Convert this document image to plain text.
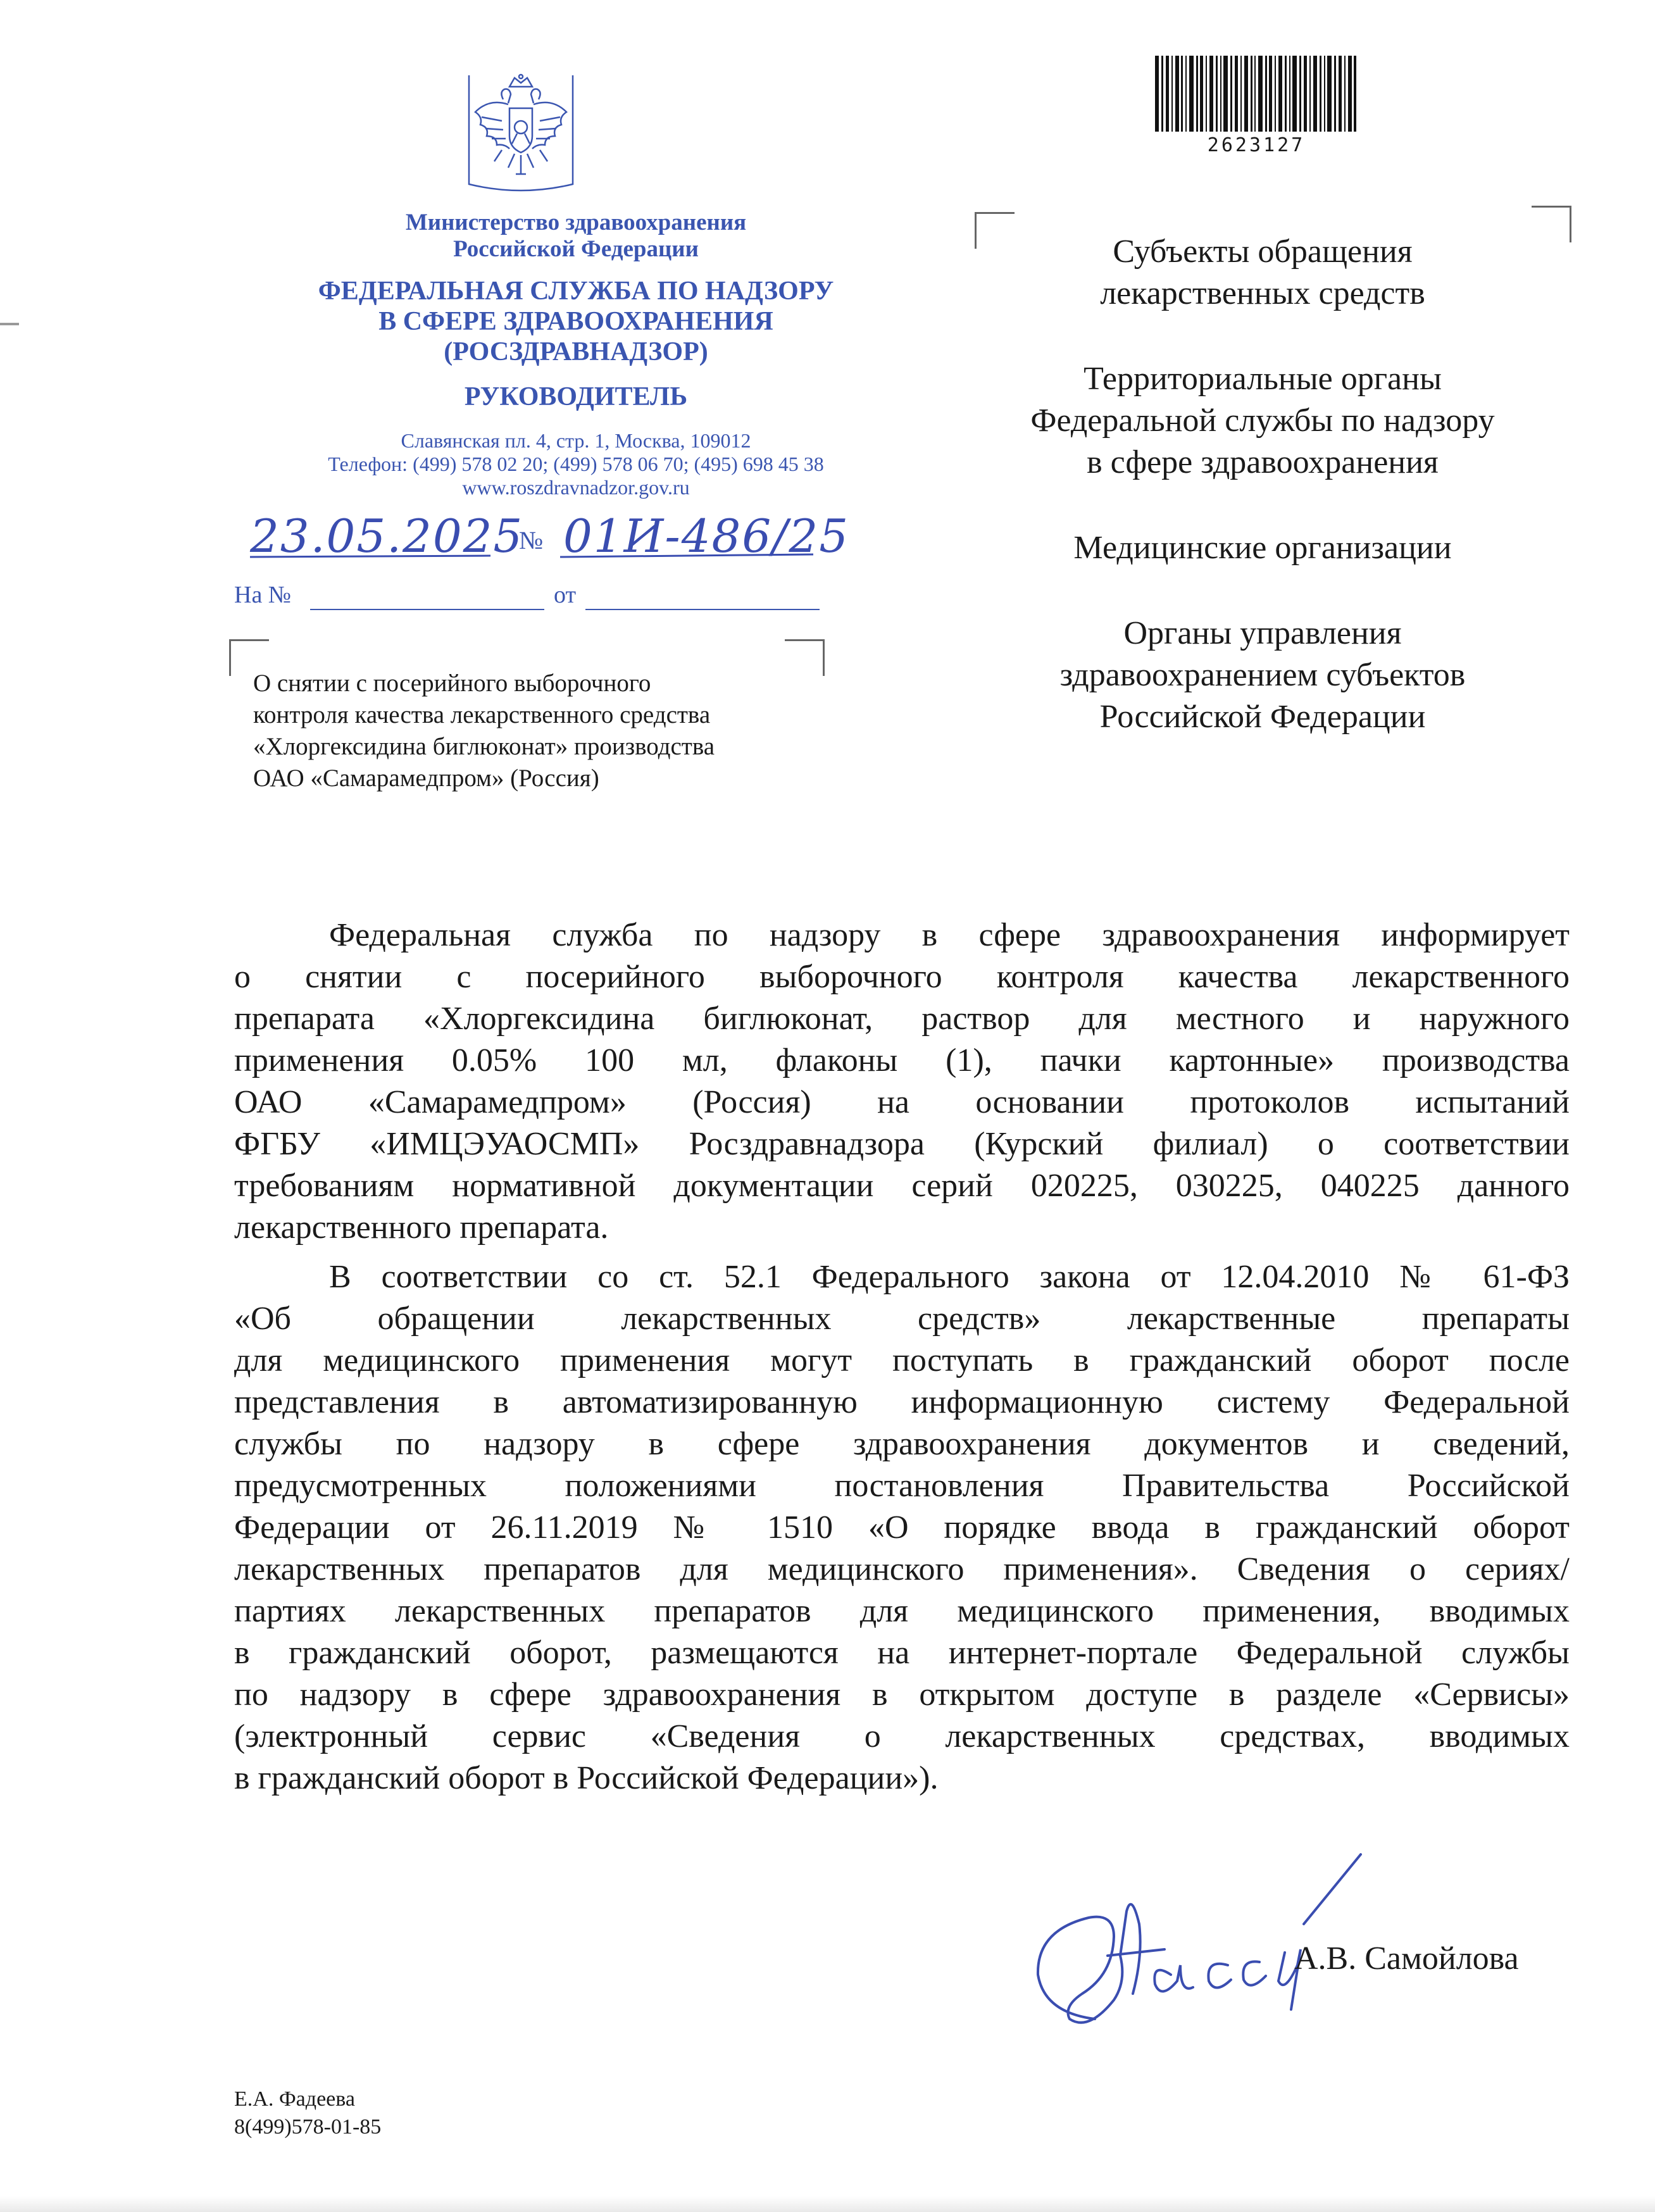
2623127
Министерство здравоохранения
Российской Федерации
ФЕДЕРАЛЬНАЯ СЛУЖБА ПО НАДЗОРУ
В СФЕРЕ ЗДРАВООХРАНЕНИЯ
(РОСЗДРАВНАДЗОР)
РУКОВОДИТЕЛЬ
Славянская пл. 4, стр. 1, Москва, 109012
Телефон: (499) 578 02 20; (499) 578 06 70; (495) 698 45 38
www.roszdravnadzor.gov.ru
23.05.2025
№ 01И-486/25
На №	от
О снятии с посерийного выборочного
контроля качества лекарственного средства
«Хлоргексидина биглюконат» производства
ОАО «Самарамедпром» (Россия)
Субъекты обращения
лекарственных средств
Территориальные органы
Федеральной службы по надзору
в сфере здравоохранения
Медицинские организации
Органы управления
здравоохранением субъектов
Российской Федерации
Федеральная служба по надзору в сфере здравоохранения информирует
о снятии с посерийного выборочного контроля качества лекарственного
препарата «Хлоргексидина биглюконат, раствор для местного и наружного
применения 0.05% 100 мл, флаконы (1), пачки картонные» производства
ОАО «Самарамедпром» (Россия) на основании протоколов испытаний
ФГБУ «ИМЦЭУАОСМП» Росздравнадзора (Курский филиал) о соответствии
требованиям нормативной документации серий 020225, 030225, 040225 данного
лекарственного препарата.
В соответствии со ст. 52.1 Федерального закона от 12.04.2010 № 61-ФЗ
«Об обращении лекарственных средств» лекарственные препараты
для медицинского применения могут поступать в гражданский оборот после
представления в автоматизированную информационную систему Федеральной
службы по надзору в сфере здравоохранения документов и сведений,
предусмотренных положениями постановления Правительства Российской
Федерации от 26.11.2019 № 1510 «О порядке ввода в гражданский оборот
лекарственных препаратов для медицинского применения». Сведения о сериях/
партиях лекарственных препаратов для медицинского применения, вводимых
в гражданский оборот, размещаются на интернет-портале Федеральной службы
по надзору в сфере здравоохранения в открытом доступе в разделе «Сервисы»
(электронный сервис «Сведения о лекарственных средствах, вводимых
в гражданский оборот в Российской Федерации»).
А.В. Самойлова
Е.А. Фадеева
8(499)578-01-85
